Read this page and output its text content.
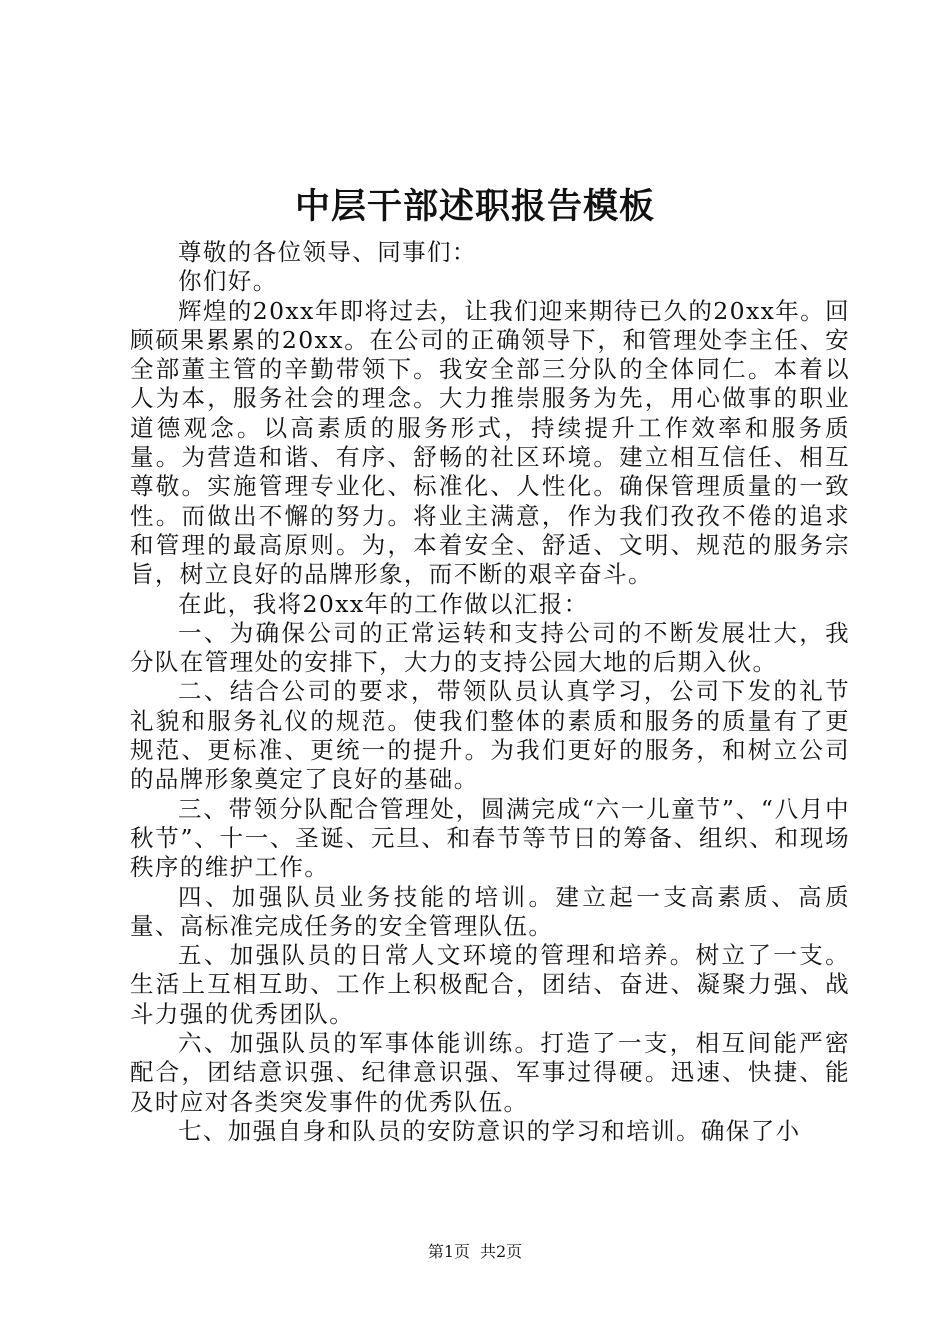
中层干部述职报告模板

尊敬的各位领导、同事们：

你们好。

辉煌的20xx年即将过去，让我们迎来期待已久的20xx年。回顾硕果累累的20xx。在公司的正确领导下，和管理处李主任、安全部董主管的辛勤带领下。我安全部三分队的全体同仁。本着以人为本，服务社会的理念。大力推崇服务为先，用心做事的职业道德观念。以高素质的服务形式，持续提升工作效率和服务质量。为营造和谐、有序、舒畅的社区环境。建立相互信任、相互尊敬。实施管理专业化、标准化、人性化。确保管理质量的一致性。而做出不懈的努力。将业主满意，作为我们孜孜不倦的追求和管理的最高原则。为，本着安全、舒适、文明、规范的服务宗旨，树立良好的品牌形象，而不断的艰辛奋斗。

在此，我将20xx年的工作做以汇报：

一、为确保公司的正常运转和支持公司的不断发展壮大，我分队在管理处的安排下，大力的支持公园大地的后期入伙。

二、结合公司的要求，带领队员认真学习，公司下发的礼节礼貌和服务礼仪的规范。使我们整体的素质和服务的质量有了更规范、更标准、更统一的提升。为我们更好的服务，和树立公司的品牌形象奠定了良好的基础。

三、带领分队配合管理处，圆满完成“六一儿童节”、“八月中秋节”、十一、圣诞、元旦、和春节等节日的筹备、组织、和现场秩序的维护工作。

四、加强队员业务技能的培训。建立起一支高素质、高质量、高标准完成任务的安全管理队伍。

五、加强队员的日常人文环境的管理和培养。树立了一支。生活上互相互助、工作上积极配合，团结、奋进、凝聚力强、战斗力强的优秀团队。

六、加强队员的军事体能训练。打造了一支，相互间能严密配合，团结意识强、纪律意识强、军事过得硬。迅速、快捷、能及时应对各类突发事件的优秀队伍。

七、加强自身和队员的安防意识的学习和培训。确保了小

第1页 共2页
